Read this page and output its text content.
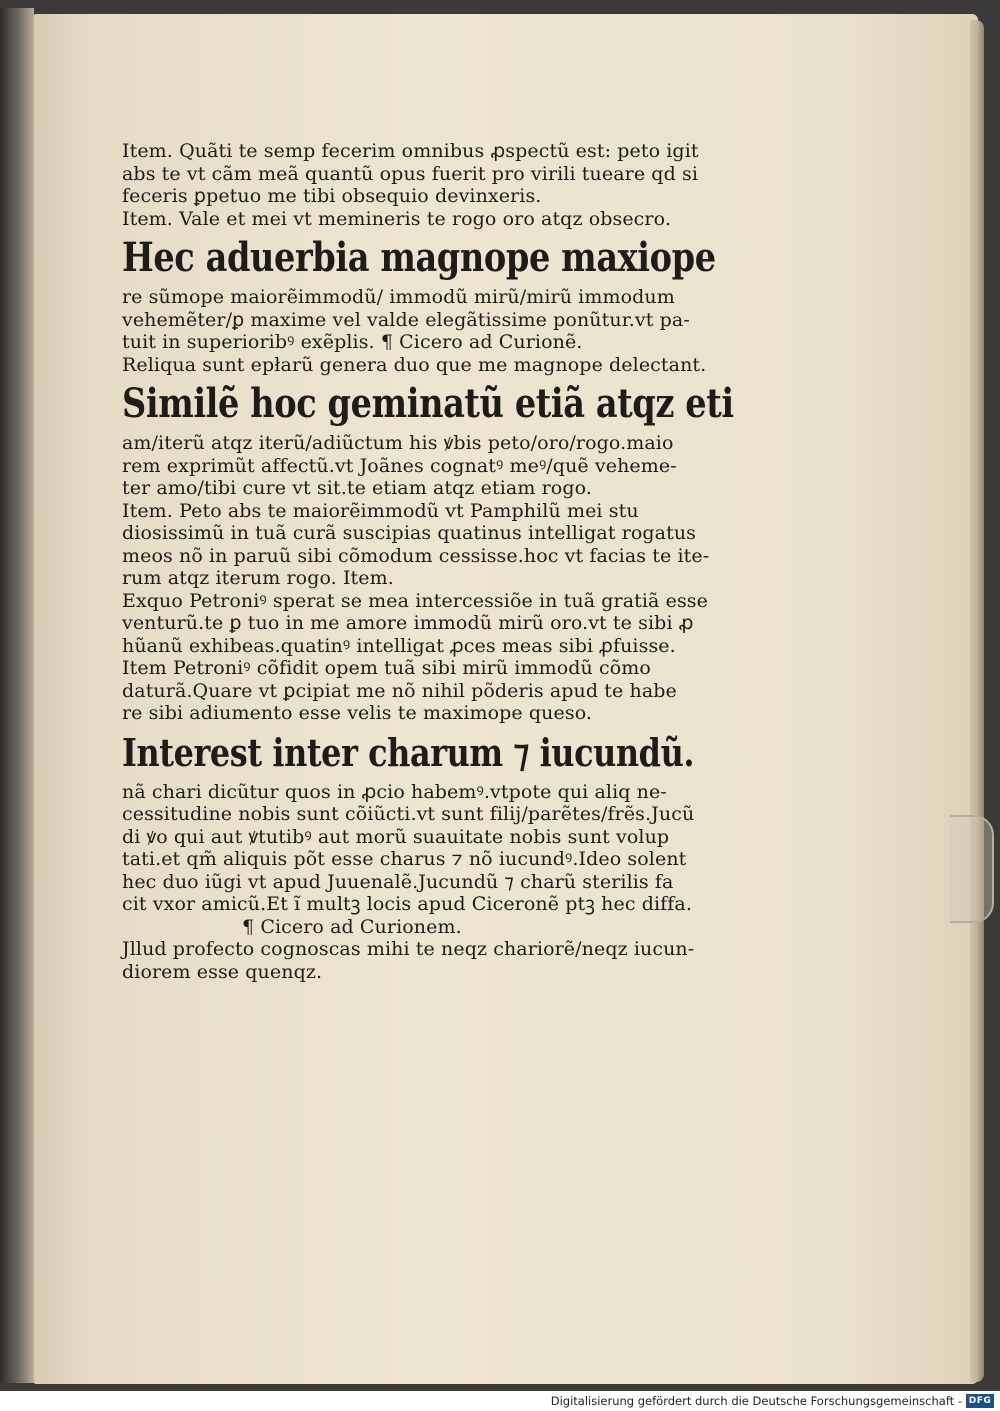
Item. Quãti te semp fecerim omnibus ꝓspectũ est: peto igit
abs te vt cãm meã quantũ opus fuerit pro virili tueare qd si
feceris ꝑpetuo me tibi obsequio devinxeris.
Item. Vale et mei vt memineris te rogo oro atqz obsecro.
Hec aduerbia magnope maxiope
re sũmope maiorẽimmodũ/ immodũ mirũ/mirũ immodum
vehemẽter/ꝑ maxime vel valde elegãtissime ponũtur.vt pa-
tuit in superioribꝰ exẽplis. ¶ Cicero ad Curionẽ.
Reliqua sunt epłarũ genera duo que me magnope delectant.
Similẽ hoc geminatũ etiã atqz eti
am/iterũ atqz iterũ/adiũctum his ꝟbis peto/oro/rogo.maio
rem exprimũt affectũ.vt Joãnes cognatꝰ meꝰ/quẽ veheme-
ter amo/tibi cure vt sit.te etiam atqz etiam rogo.
Item. Peto abs te maiorẽimmodũ vt Pamphilũ mei stu
diosissimũ in tuã curã suscipias quatinus intelligat rogatus
meos nõ in paruũ sibi cõmodum cessisse.hoc vt facias te ite-
rum atqz iterum rogo. Item.
Exquo Petroniꝰ sperat se mea intercessiõe in tuã gratiã esse
venturũ.te ꝑ tuo in me amore immodũ mirũ oro.vt te sibi ꝓ
hũanũ exhibeas.quatinꝰ intelligat ꝓces meas sibi ꝓfuisse.
Item Petroniꝰ cõfidit opem tuã sibi mirũ immodũ cõmo
daturã.Quare vt ꝑcipiat me nõ nihil põderis apud te habe
re sibi adiumento esse velis te maximope queso.
Interest inter charum ⁊ iucundũ.
nã chari dicũtur quos in ꝓcio habemꝰ.vtpote qui aliq ne-
cessitudine nobis sunt cõiũcti.vt sunt filij/parẽtes/frẽs.Jucũ
di ꝟo qui aut ꝟtutibꝰ aut morũ suauitate nobis sunt volup
tati.et qm̃ aliquis põt esse charus ⁊ nõ iucundꝰ.Ideo solent
hec duo iũgi vt apud Juuenalẽ.Jucundũ ⁊ charũ sterilis fa
cit vxor amicũ.Et ĩ multꝫ locis apud Ciceronẽ ptꝫ hec diffa.
¶ Cicero ad Curionem.
Jllud profecto cognoscas mihi te neqz chariorẽ/neqz iucun-
diorem esse quenqz.
Digitalisierung gefördert durch die Deutsche Forschungsgemeinschaft - DFG
